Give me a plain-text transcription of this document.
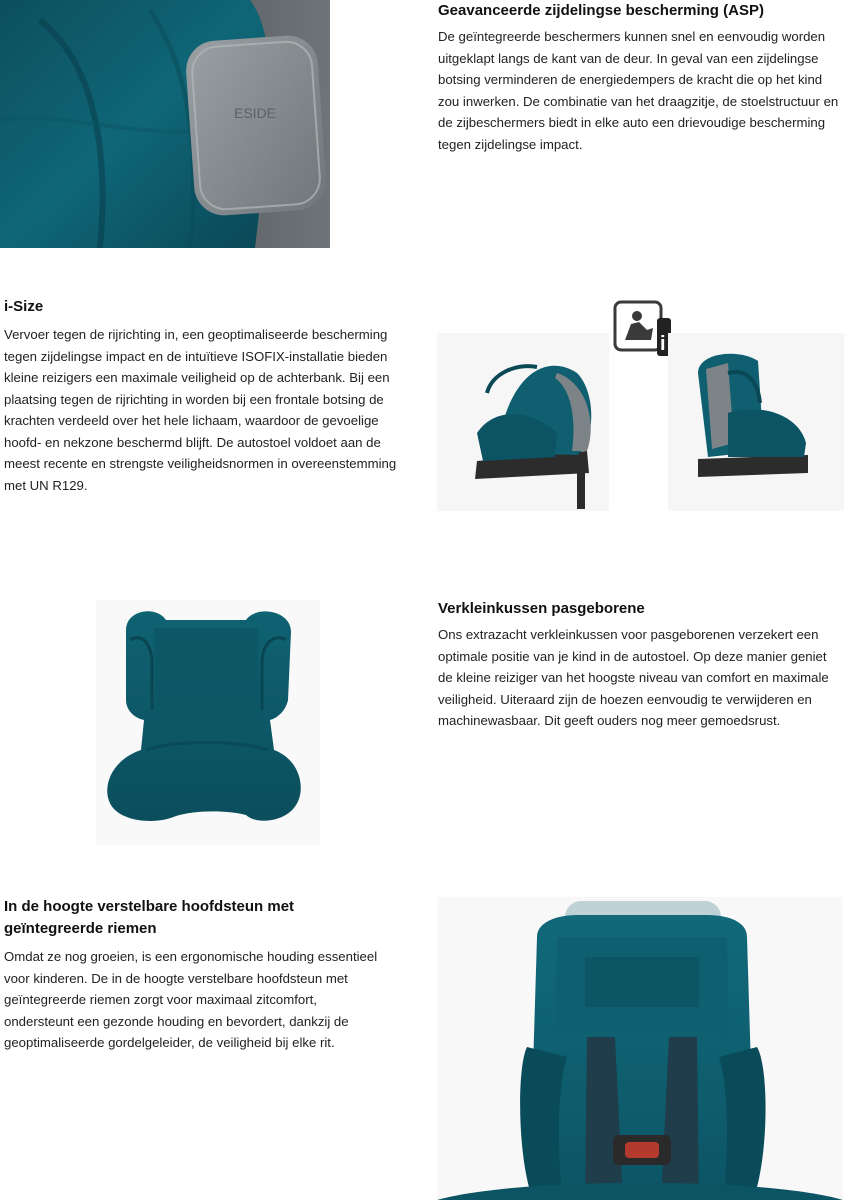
ESIDE
Geavanceerde zijdelingse bescherming (ASP)

De geïntegreerde beschermers kunnen snel en eenvoudig worden uitgeklapt langs de kant van de deur. In geval van een zijdelingse botsing verminderen de energiedempers de kracht die op het kind zou inwerken. De combinatie van het draagzitje, de stoelstructuur en de zijbeschermers biedt in elke auto een drievoudige bescherming tegen zijdelingse impact.

i-Size

Vervoer tegen de rijrichting in, een geoptimaliseerde bescherming tegen zijdelingse impact en de intuïtieve ISOFIX-installatie bieden kleine reizigers een maximale veiligheid op de achterbank. Bij een plaatsing tegen de rijrichting in worden bij een frontale botsing de krachten verdeeld over het hele lichaam, waardoor de gevoelige hoofd- en nekzone beschermd blijft. De autostoel voldoet aan de meest recente en strengste veiligheidsnormen in overeenstemming met UN R129.

i
Verkleinkussen pasgeborene

Ons extrazacht verkleinkussen voor pasgeborenen verzekert een optimale positie van je kind in de autostoel. Op deze manier geniet de kleine reiziger van het hoogste niveau van comfort en maximale veiligheid. Uiteraard zijn de hoezen eenvoudig te verwijderen en machinewasbaar. Dit geeft ouders nog meer gemoedsrust.

In de hoogte verstelbare hoofdsteun met geïntegreerde riemen

Omdat ze nog groeien, is een ergonomische houding essentieel voor kinderen. De in de hoogte verstelbare hoofdsteun met geïntegreerde riemen zorgt voor maximaal zitcomfort, ondersteunt een gezonde houding en bevordert, dankzij de geoptimaliseerde gordelgeleider, de veiligheid bij elke rit.
